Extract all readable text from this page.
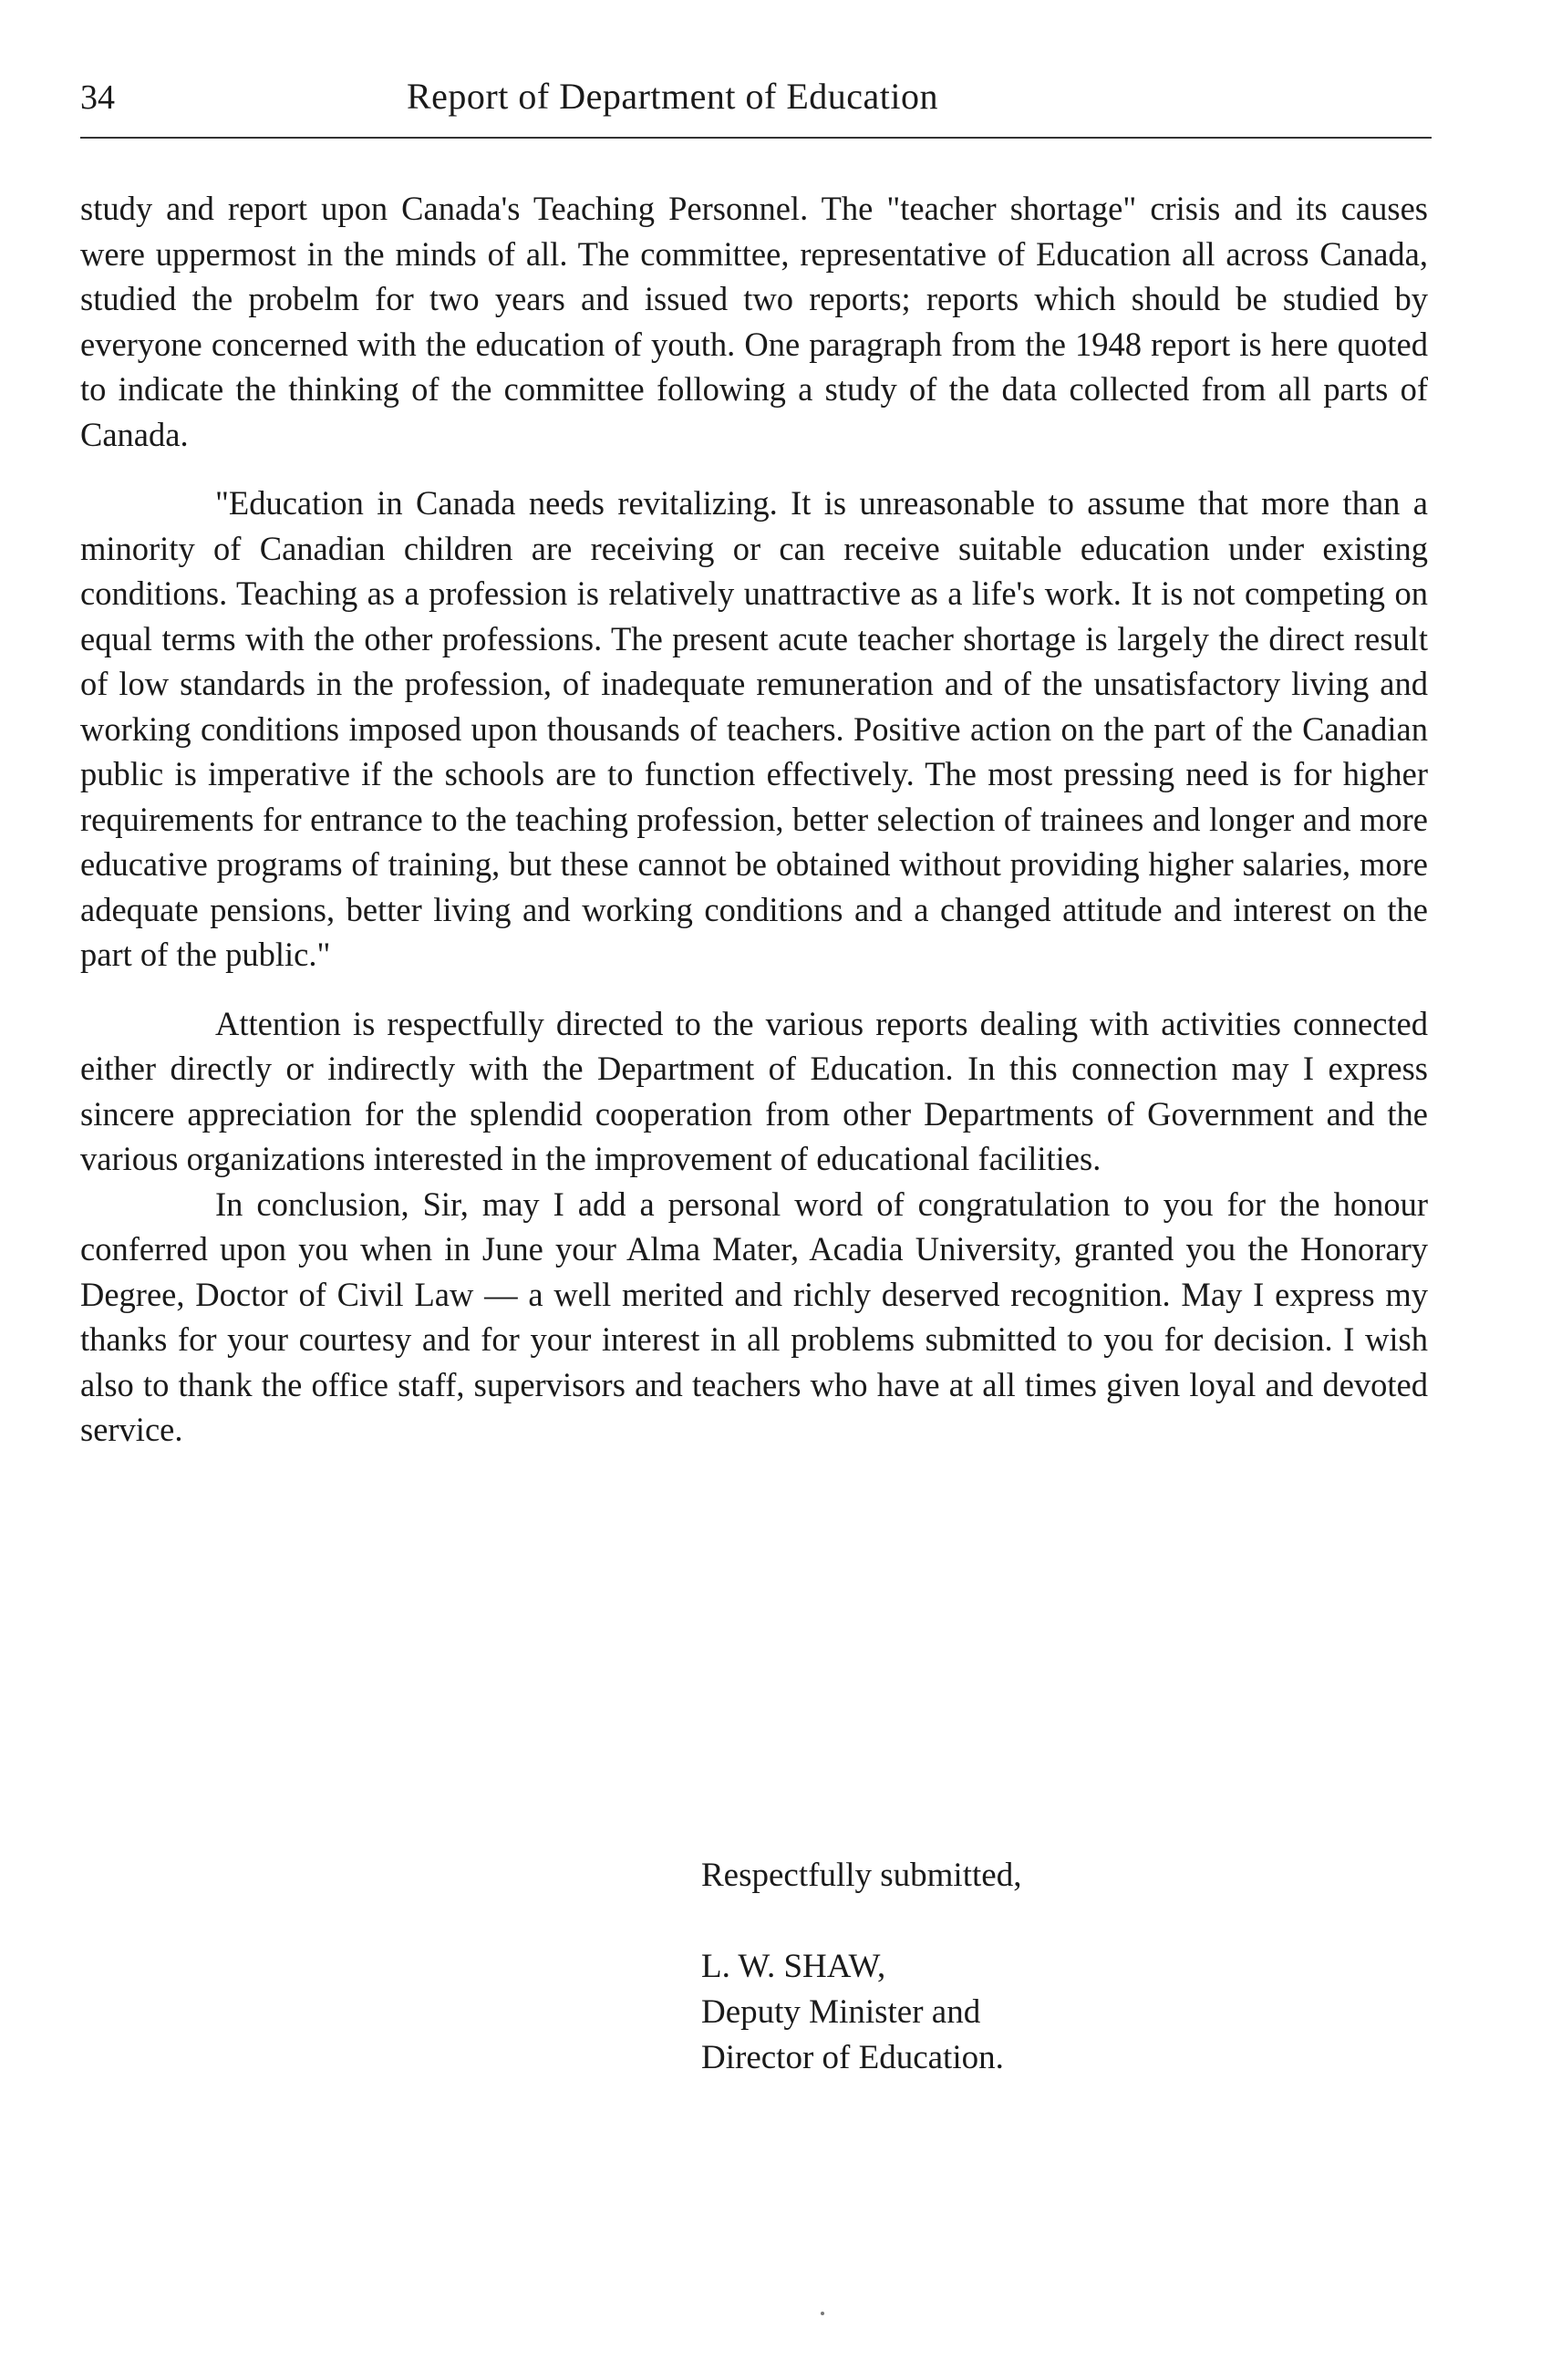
34	Report of Department of Education

study and report upon Canada's Teaching Personnel. The "teacher shortage" crisis and its causes were uppermost in the minds of all. The committee, representative of Education all across Canada, studied the probelm for two years and issued two reports; reports which should be studied by everyone concerned with the education of youth. One paragraph from the 1948 report is here quoted to indicate the thinking of the committee following a study of the data collected from all parts of Canada.

"Education in Canada needs revitalizing. It is unreasonable to assume that more than a minority of Canadian children are receiving or can receive suitable education under existing conditions. Teaching as a profession is relatively unattractive as a life's work. It is not competing on equal terms with the other professions. The present acute teacher shortage is largely the direct result of low standards in the profession, of inadequate remuneration and of the unsatisfactory living and working conditions imposed upon thousands of teachers. Positive action on the part of the Canadian public is imperative if the schools are to function effectively. The most pressing need is for higher requirements for entrance to the teaching profession, better selection of trainees and longer and more educative programs of training, but these cannot be obtained without providing higher salaries, more adequate pensions, better living and working conditions and a changed attitude and interest on the part of the public."

Attention is respectfully directed to the various reports dealing with activities connected either directly or indirectly with the Department of Education. In this connection may I express sincere appreciation for the splendid cooperation from other Departments of Government and the various organizations interested in the improvement of educational facilities.

In conclusion, Sir, may I add a personal word of congratulation to you for the honour conferred upon you when in June your Alma Mater, Acadia University, granted you the Honorary Degree, Doctor of Civil Law — a well merited and richly deserved recognition. May I express my thanks for your courtesy and for your interest in all problems submitted to you for decision. I wish also to thank the office staff, supervisors and teachers who have at all times given loyal and devoted service.

Respectfully submitted,
L. W. SHAW,
Deputy Minister and
Director of Education.
